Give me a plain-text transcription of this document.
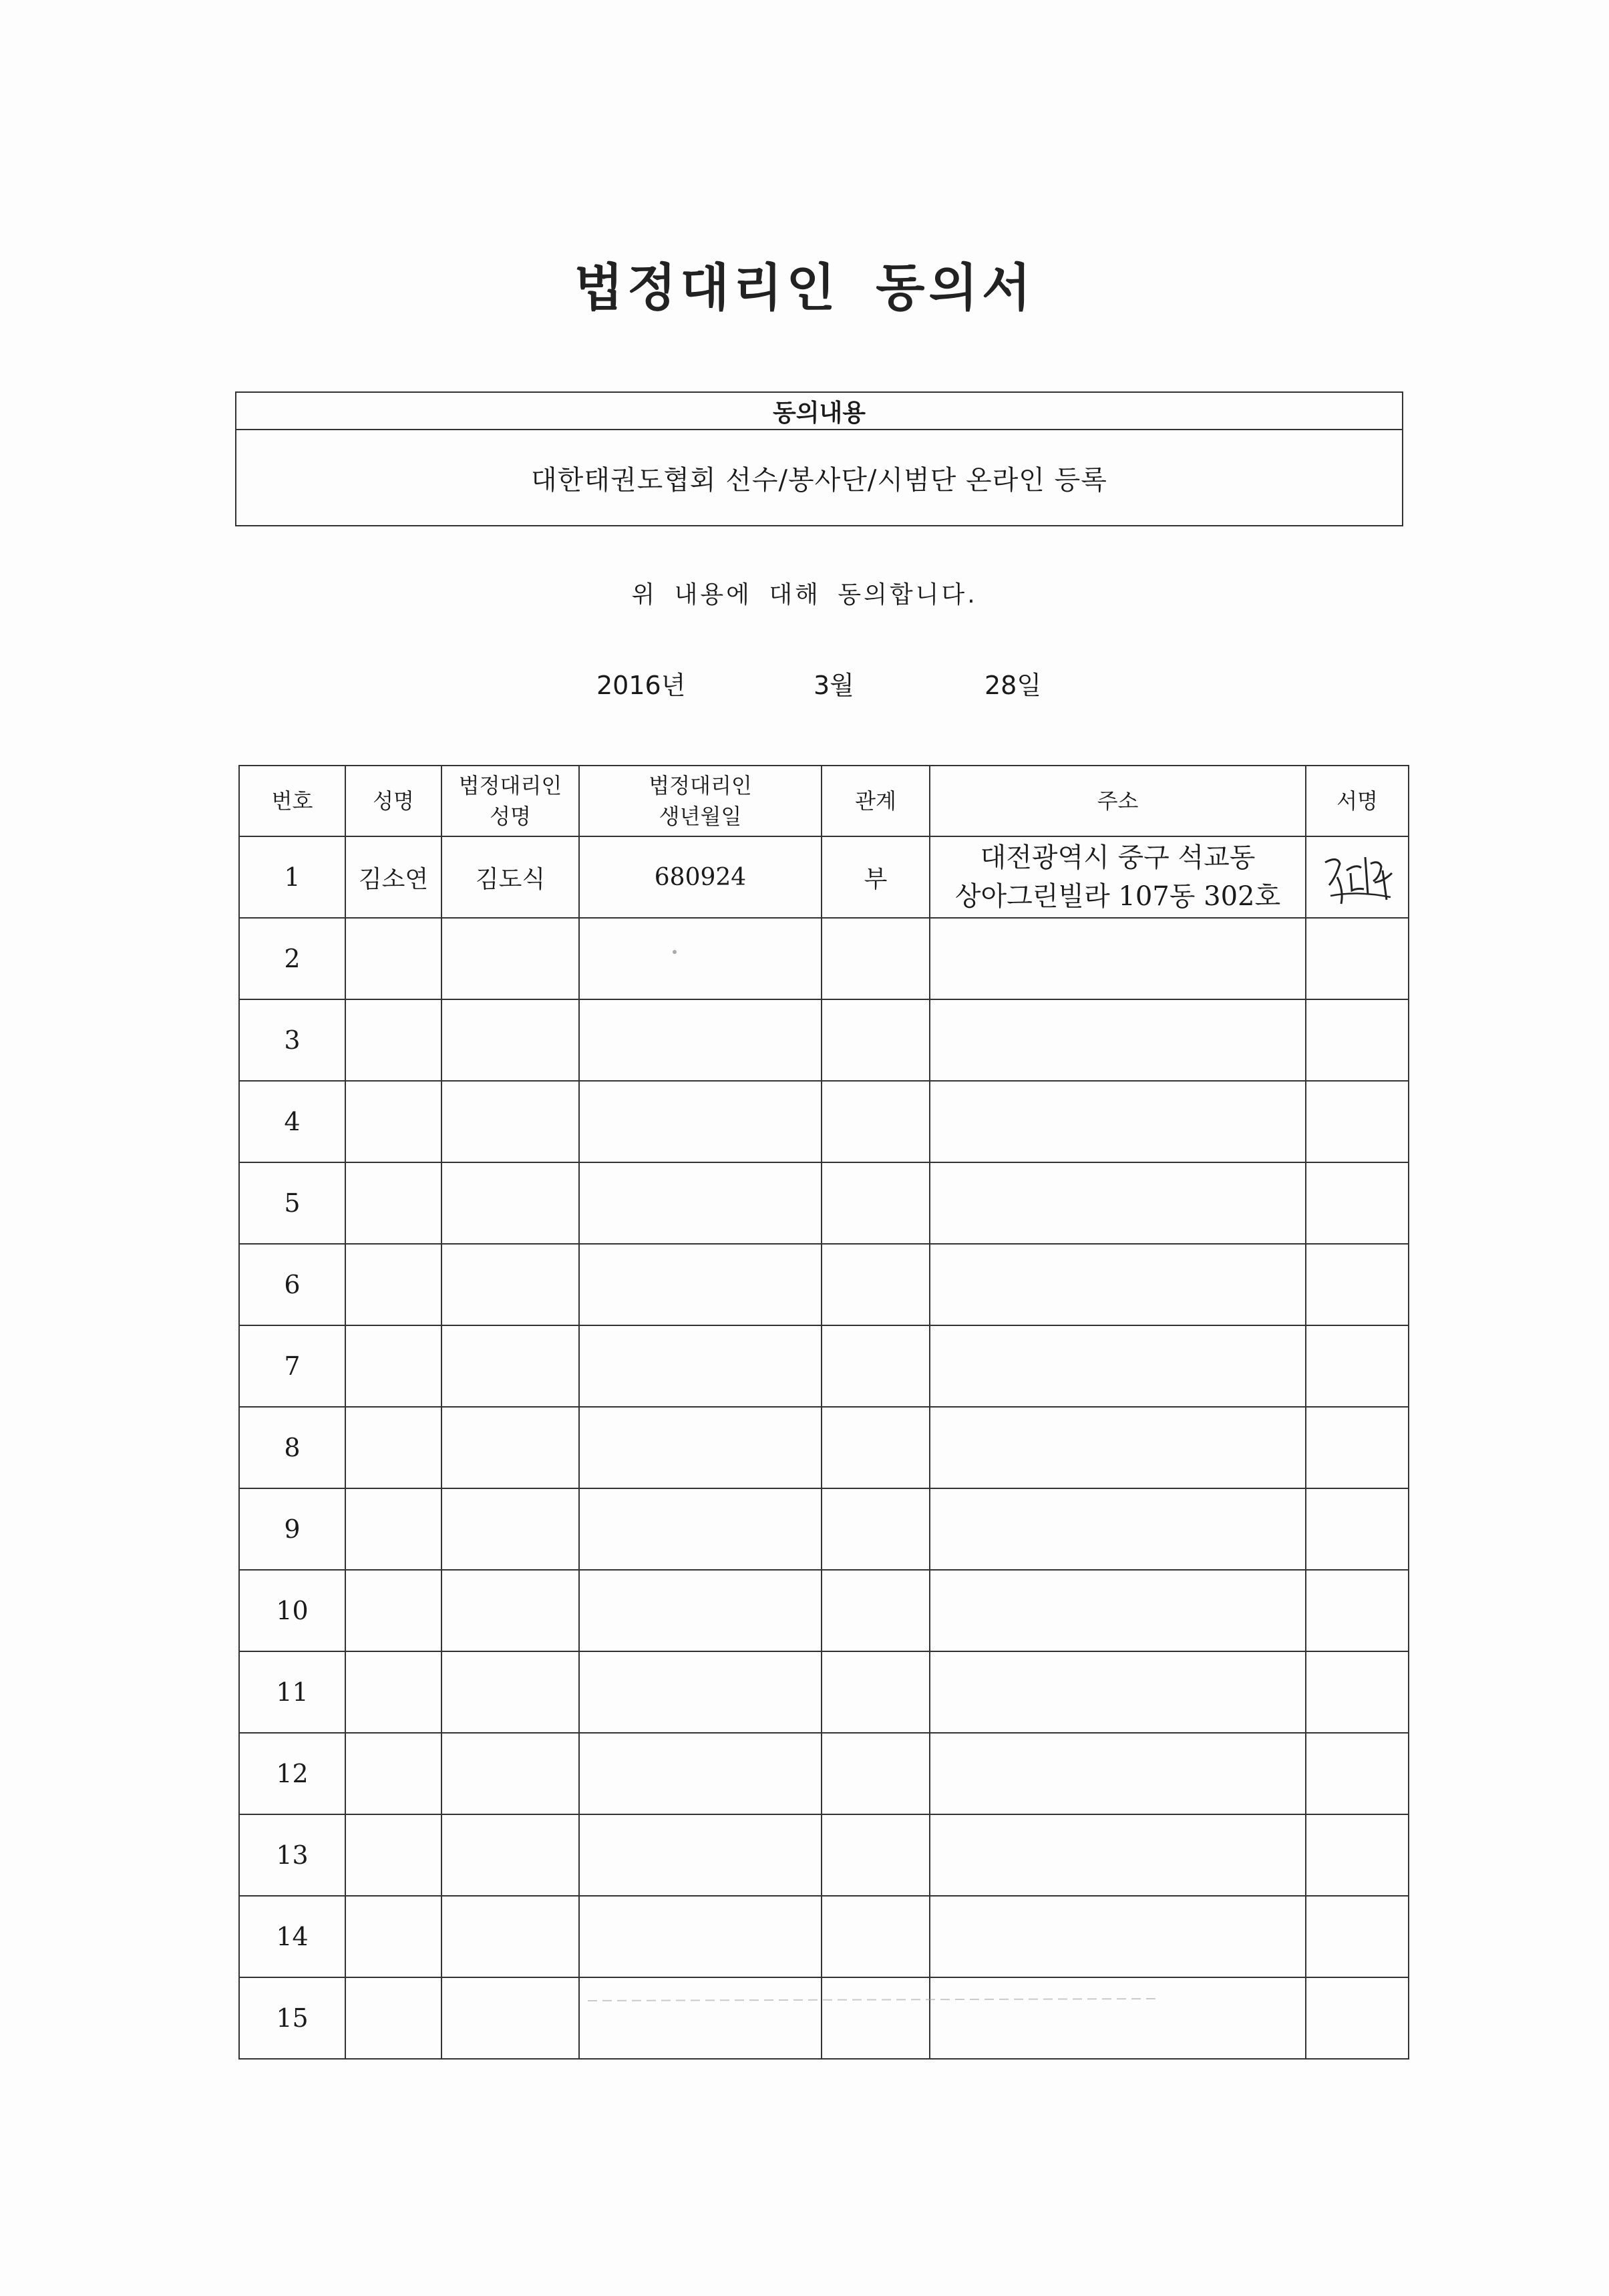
법정대리인 동의서
동의내용
대한태권도협회 선수/봉사단/시범단 온라인 등록
위 내용에 대해 동의합니다.
2016년	3월	28일
번호	성명	법정대리인 성명	법정대리인 생년월일	관계	주소	서명
1	김소연	김도식	680924	부	대전광역시 중구 석교동
상아그린빌라 107동 302호

2						
3						
4						
5						
6						
7						
8						
9						
10						
11						
12						
13						
14						
15						
